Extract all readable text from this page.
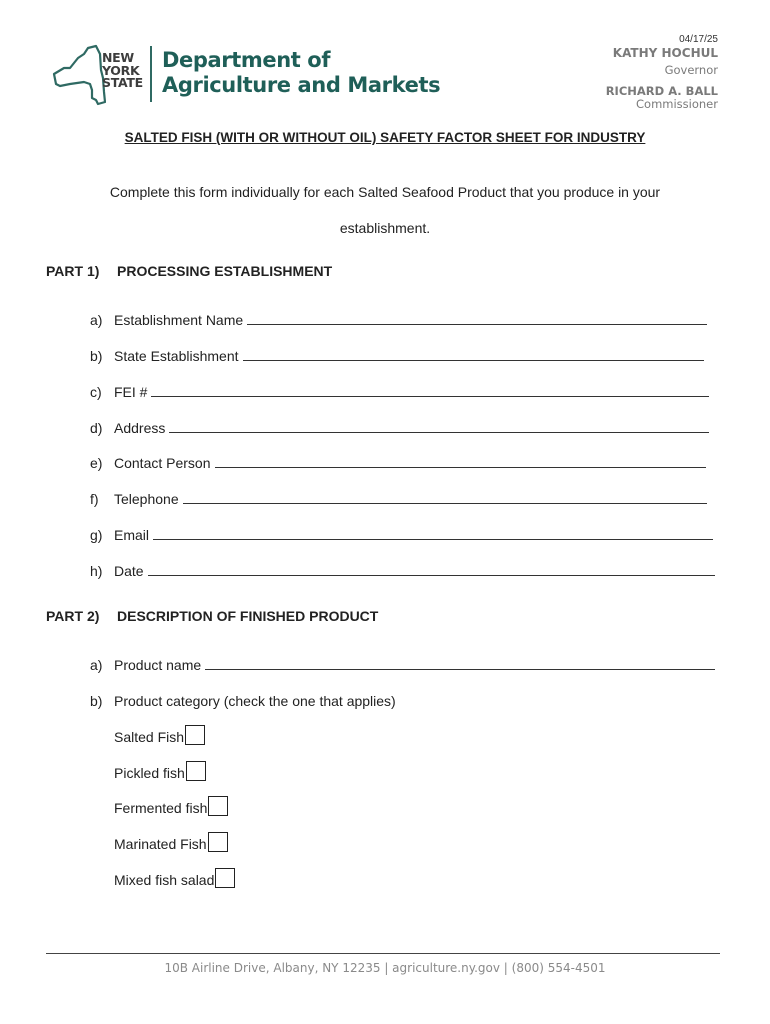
NEW
YORK
STATE
Department of
Agriculture and Markets
04/17/25
KATHY HOCHUL
Governor
RICHARD A. BALL
Commissioner
SALTED FISH (WITH OR WITHOUT OIL) SAFETY FACTOR SHEET FOR INDUSTRY
Complete this form individually for each Salted Seafood Product that you produce in your
establishment.
PART 1) PROCESSING ESTABLISHMENT
a) Establishment Name
b) State Establishment
c) FEI #
d) Address
e) Contact Person
f) Telephone
g) Email
h) Date
PART 2) DESCRIPTION OF FINISHED PRODUCT
a) Product name
b) Product category (check the one that applies)
Salted Fish
Pickled fish
Fermented fish
Marinated Fish
Mixed fish salad
10B Airline Drive, Albany, NY 12235 | agriculture.ny.gov | (800) 554-4501
